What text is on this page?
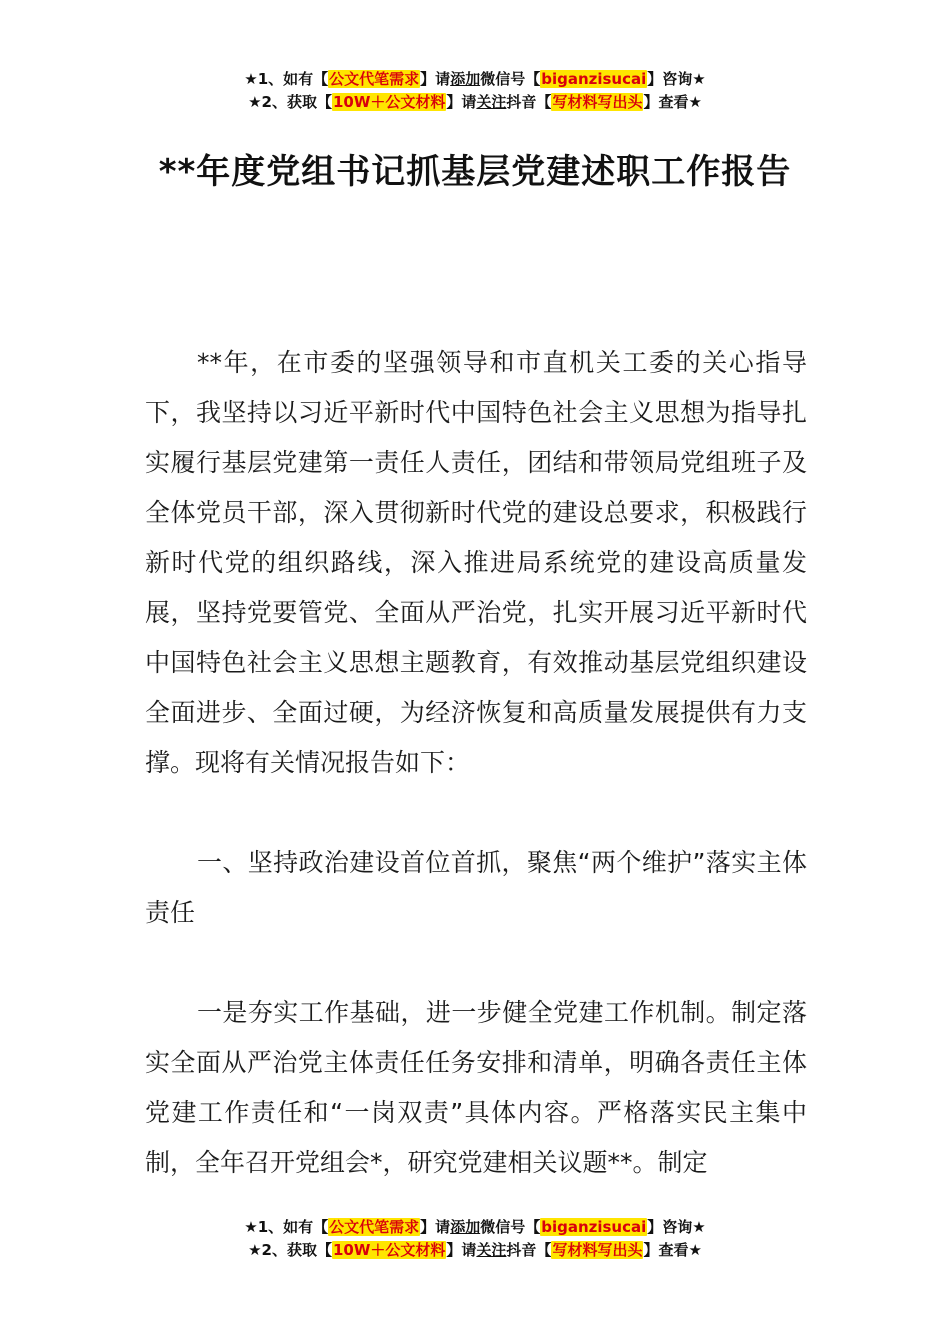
★1、如有【公文代笔需求】请添加微信号【biganzisucai】咨询★
★2、获取【10W＋公文材料】请关注抖音【写材料写出头】查看★
**年度党组书记抓基层党建述职工作报告

**年，在市委的坚强领导和市直机关工委的关心指导下，我坚持以习近平新时代中国特色社会主义思想为指导扎实履行基层党建第一责任人责任，团结和带领局党组班子及全体党员干部，深入贯彻新时代党的建设总要求，积极践行新时代党的组织路线，深入推进局系统党的建设高质量发展，坚持党要管党、全面从严治党，扎实开展习近平新时代中国特色社会主义思想主题教育，有效推动基层党组织建设全面进步、全面过硬，为经济恢复和高质量发展提供有力支撑。现将有关情况报告如下：

一、坚持政治建设首位首抓，聚焦“两个维护”落实主体责任

一是夯实工作基础，进一步健全党建工作机制。制定落实全面从严治党主体责任任务安排和清单，明确各责任主体党建工作责任和“一岗双责”具体内容。严格落实民主集中制，全年召开党组会*，研究党建相关议题**。制定

★1、如有【公文代笔需求】请添加微信号【biganzisucai】咨询★
★2、获取【10W＋公文材料】请关注抖音【写材料写出头】查看★
